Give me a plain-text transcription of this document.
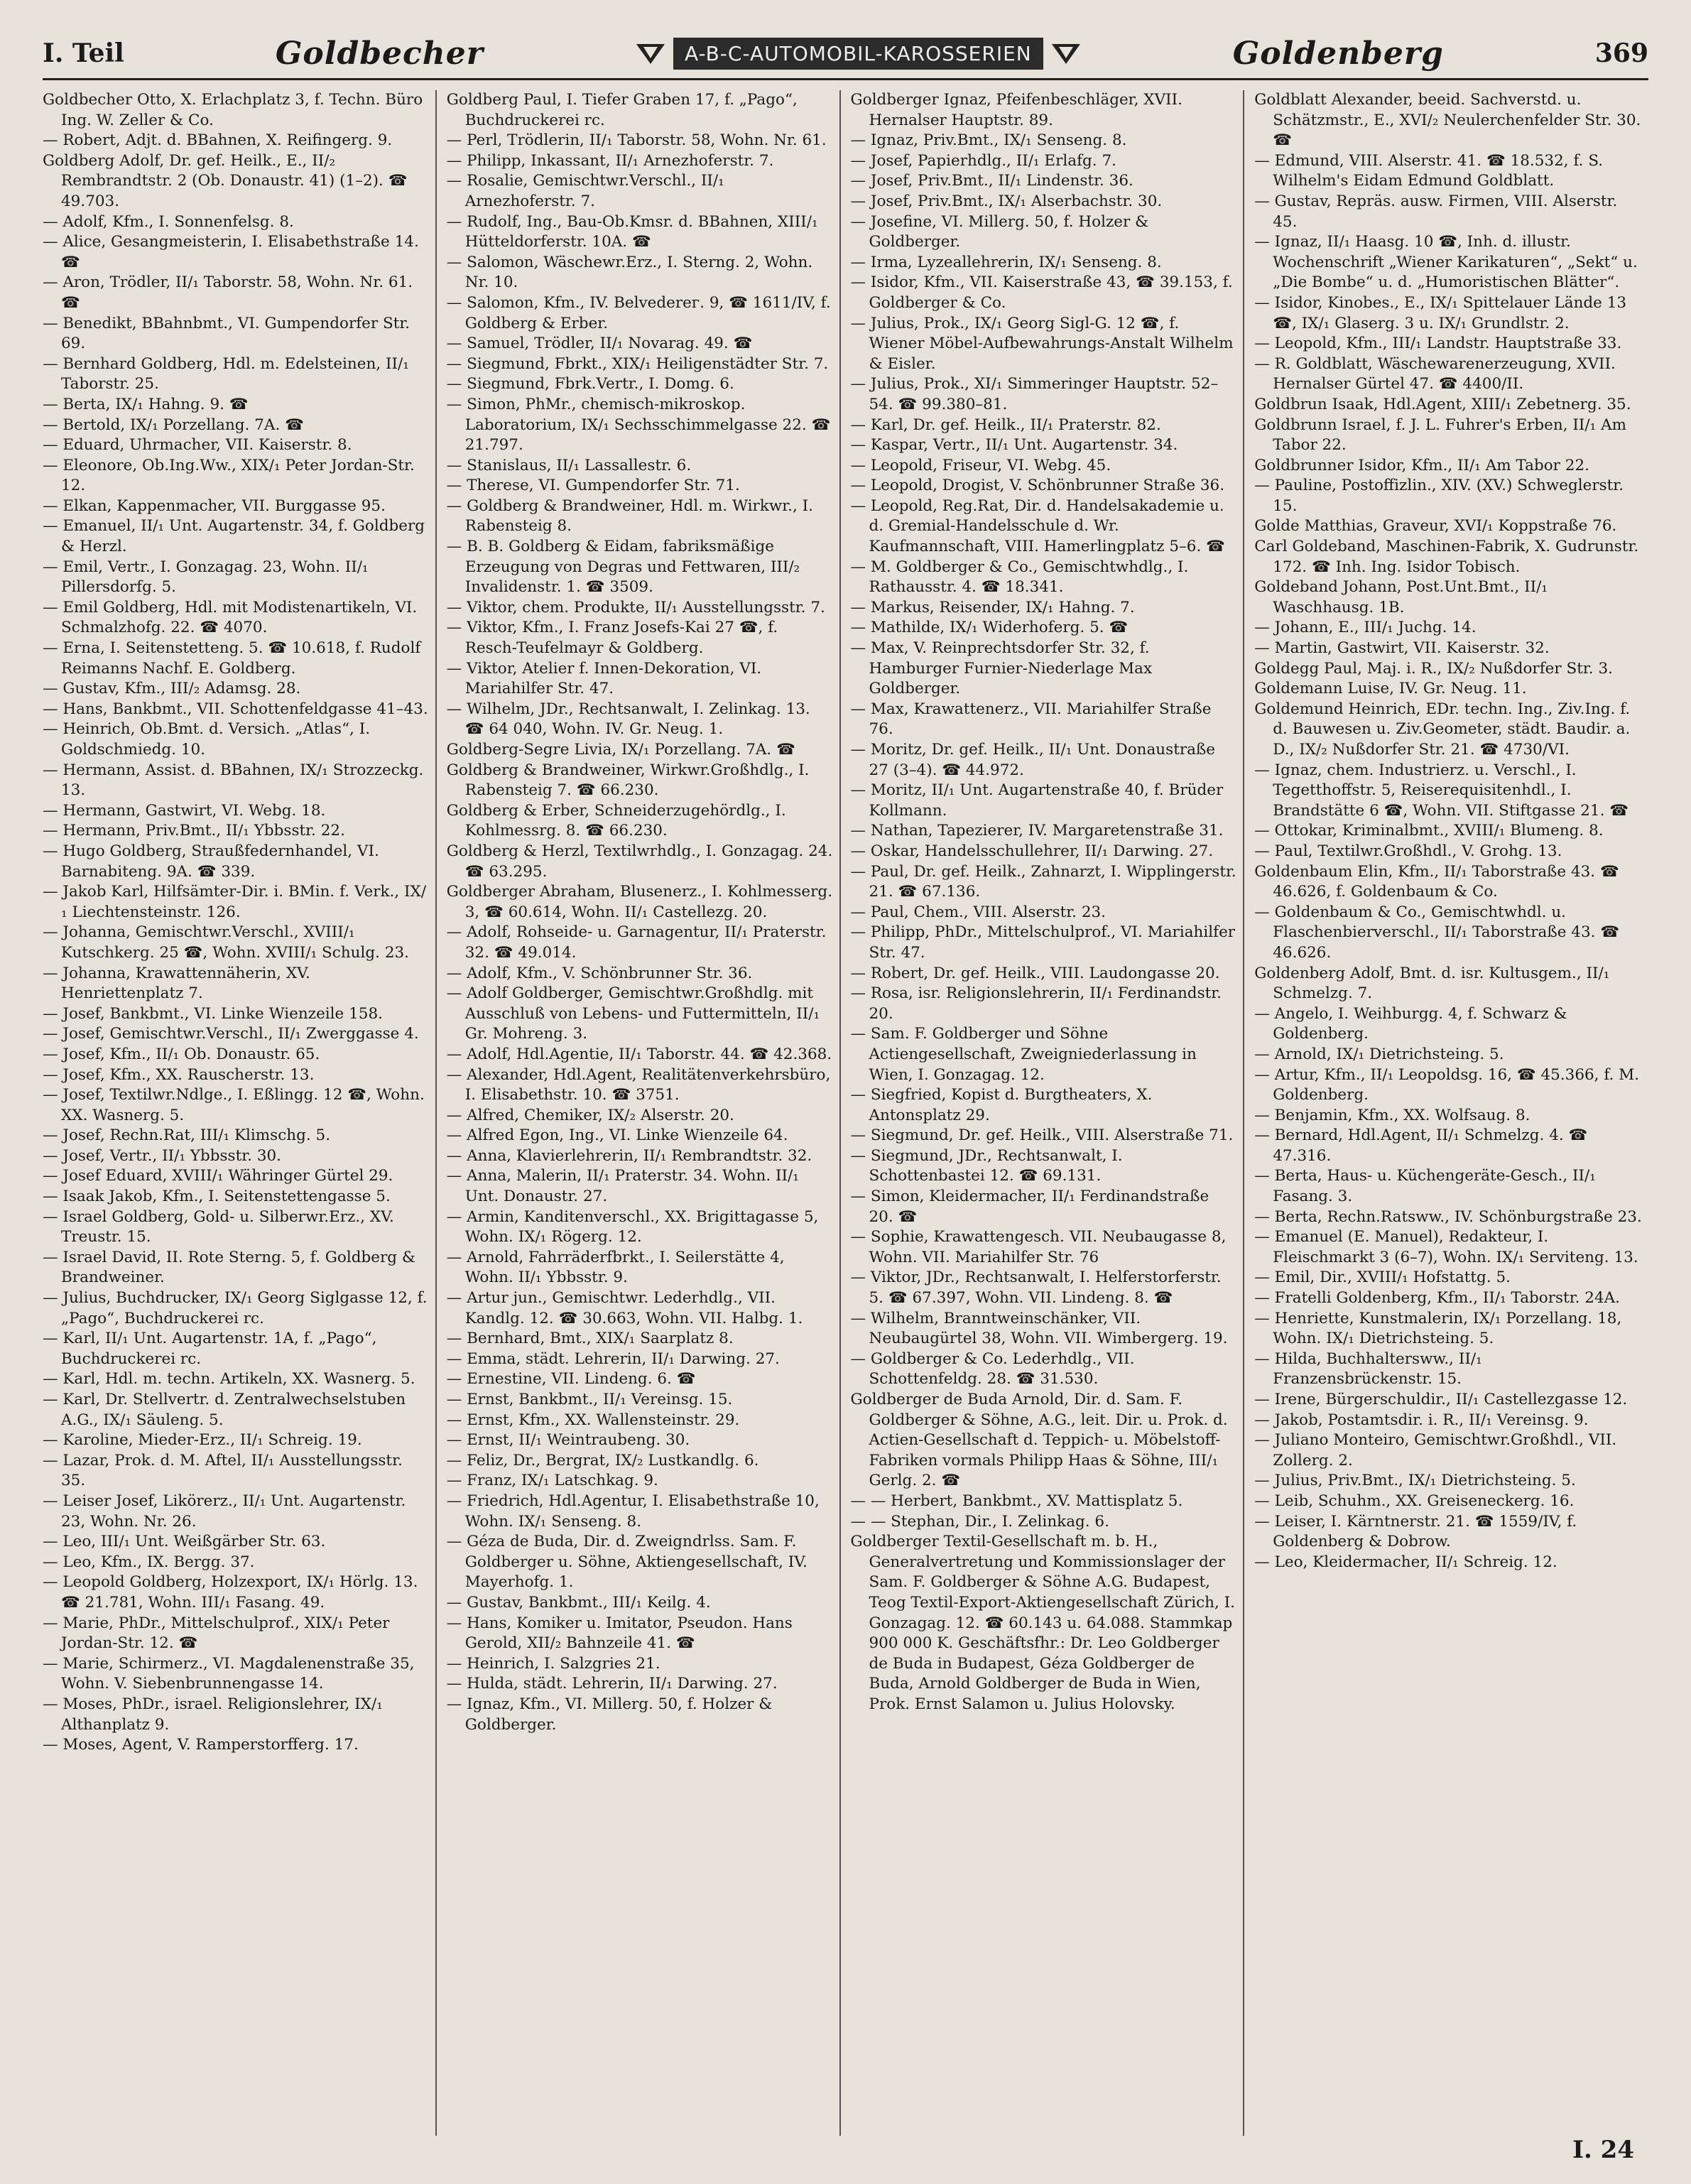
I. Teil	Goldbecher	A-B-C-AUTOMOBIL-KAROSSERIEN	Goldenberg	369

Goldbecher Otto, X. Erlachplatz 3, f. Techn. Büro Ing. W. Zeller & Co.

— Robert, Adjt. d. BBahnen, X. Reifingerg. 9.

Goldberg Adolf, Dr. gef. Heilk., E., II/₂ Rembrandtstr. 2 (Ob. Donaustr. 41) (1–2). ☎ 49.703.

— Adolf, Kfm., I. Sonnenfelsg. 8.

— Alice, Gesangmeisterin, I. Elisabethstraße 14. ☎

— Aron, Trödler, II/₁ Taborstr. 58, Wohn. Nr. 61. ☎

— Benedikt, BBahnbmt., VI. Gumpendorfer Str. 69.

— Bernhard Goldberg, Hdl. m. Edelsteinen, II/₁ Taborstr. 25.

— Berta, IX/₁ Hahng. 9. ☎

— Bertold, IX/₁ Porzellang. 7A. ☎

— Eduard, Uhrmacher, VII. Kaiserstr. 8.

— Eleonore, Ob.Ing.Ww., XIX/₁ Peter Jordan-Str. 12.

— Elkan, Kappenmacher, VII. Burggasse 95.

— Emanuel, II/₁ Unt. Augartenstr. 34, f. Goldberg & Herzl.

— Emil, Vertr., I. Gonzagag. 23, Wohn. II/₁ Pillersdorfg. 5.

— Emil Goldberg, Hdl. mit Modistenartikeln, VI. Schmalzhofg. 22. ☎ 4070.

— Erna, I. Seitenstetteng. 5. ☎ 10.618, f. Rudolf Reimanns Nachf. E. Goldberg.

— Gustav, Kfm., III/₂ Adamsg. 28.

— Hans, Bankbmt., VII. Schottenfeldgasse 41–43.

— Heinrich, Ob.Bmt. d. Versich. „Atlas“, I. Goldschmiedg. 10.

— Hermann, Assist. d. BBahnen, IX/₁ Strozzeckg. 13.

— Hermann, Gastwirt, VI. Webg. 18.

— Hermann, Priv.Bmt., II/₁ Ybbsstr. 22.

— Hugo Goldberg, Straußfedernhandel, VI. Barnabiteng. 9A. ☎ 339.

— Jakob Karl, Hilfsämter-Dir. i. BMin. f. Verk., IX/₁ Liechtensteinstr. 126.

— Johanna, Gemischtwr.Verschl., XVIII/₁ Kutschkerg. 25 ☎, Wohn. XVIII/₁ Schulg. 23.

— Johanna, Krawattennäherin, XV. Henriettenplatz 7.

— Josef, Bankbmt., VI. Linke Wienzeile 158.

— Josef, Gemischtwr.Verschl., II/₁ Zwerggasse 4.

— Josef, Kfm., II/₁ Ob. Donaustr. 65.

— Josef, Kfm., XX. Rauscherstr. 13.

— Josef, Textilwr.Ndlge., I. Eßlingg. 12 ☎, Wohn. XX. Wasnerg. 5.

— Josef, Rechn.Rat, III/₁ Klimschg. 5.

— Josef, Vertr., II/₁ Ybbsstr. 30.

— Josef Eduard, XVIII/₁ Währinger Gürtel 29.

— Isaak Jakob, Kfm., I. Seitenstettengasse 5.

— Israel Goldberg, Gold- u. Silberwr.Erz., XV. Treustr. 15.

— Israel David, II. Rote Sterng. 5, f. Goldberg & Brandweiner.

— Julius, Buchdrucker, IX/₁ Georg Siglgasse 12, f. „Pago“, Buchdruckerei rc.

— Karl, II/₁ Unt. Augartenstr. 1A, f. „Pago“, Buchdruckerei rc.

— Karl, Hdl. m. techn. Artikeln, XX. Wasnerg. 5.

— Karl, Dr. Stellvertr. d. Zentralwechselstuben A.G., IX/₁ Säuleng. 5.

— Karoline, Mieder-Erz., II/₁ Schreig. 19.

— Lazar, Prok. d. M. Aftel, II/₁ Ausstellungsstr. 35.

— Leiser Josef, Likörerz., II/₁ Unt. Augartenstr. 23, Wohn. Nr. 26.

— Leo, III/₁ Unt. Weißgärber Str. 63.

— Leo, Kfm., IX. Bergg. 37.

— Leopold Goldberg, Holzexport, IX/₁ Hörlg. 13. ☎ 21.781, Wohn. III/₁ Fasang. 49.

— Marie, PhDr., Mittelschulprof., XIX/₁ Peter Jordan-Str. 12. ☎

— Marie, Schirmerz., VI. Magdalenenstraße 35, Wohn. V. Siebenbrunnengasse 14.

— Moses, PhDr., israel. Religionslehrer, IX/₁ Althanplatz 9.

— Moses, Agent, V. Ramperstorfferg. 17.

Goldberg Paul, I. Tiefer Graben 17, f. „Pago“, Buchdruckerei rc.

— Perl, Trödlerin, II/₁ Taborstr. 58, Wohn. Nr. 61.

— Philipp, Inkassant, II/₁ Arnezhoferstr. 7.

— Rosalie, Gemischtwr.Verschl., II/₁ Arnezhoferstr. 7.

— Rudolf, Ing., Bau-Ob.Kmsr. d. BBahnen, XIII/₁ Hütteldorferstr. 10A. ☎

— Salomon, Wäschewr.Erz., I. Sterng. 2, Wohn. Nr. 10.

— Salomon, Kfm., IV. Belvederег. 9, ☎ 1611/IV, f. Goldberg & Erber.

— Samuel, Trödler, II/₁ Novarag. 49. ☎

— Siegmund, Fbrkt., XIX/₁ Heiligenstädter Str. 7.

— Siegmund, Fbrk.Vertr., I. Domg. 6.

— Simon, PhMr., chemisch-mikroskop. Laboratorium, IX/₁ Sechsschimmelgasse 22. ☎ 21.797.

— Stanislaus, II/₁ Lassallestr. 6.

— Therese, VI. Gumpendorfer Str. 71.

— Goldberg & Brandweiner, Hdl. m. Wirkwr., I. Rabensteig 8.

— B. B. Goldberg & Eidam, fabriksmäßige Erzeugung von Degras und Fettwaren, III/₂ Invalidenstr. 1. ☎ 3509.

— Viktor, chem. Produkte, II/₁ Ausstellungsstr. 7.

— Viktor, Kfm., I. Franz Josefs-Kai 27 ☎, f. Resch-Teufelmayr & Goldberg.

— Viktor, Atelier f. Innen-Dekoration, VI. Mariahilfer Str. 47.

— Wilhelm, JDr., Rechtsanwalt, I. Zelinkag. 13. ☎ 64 040, Wohn. IV. Gr. Neug. 1.

Goldberg-Segre Livia, IX/₁ Porzellang. 7A. ☎

Goldberg & Brandweiner, Wirkwr.Großhdlg., I. Rabensteig 7. ☎ 66.230.

Goldberg & Erber, Schneiderzugehördlg., I. Kohlmessrg. 8. ☎ 66.230.

Goldberg & Herzl, Textilwrhdlg., I. Gonzagag. 24. ☎ 63.295.

Goldberger Abraham, Blusenerz., I. Kohlmesserg. 3, ☎ 60.614, Wohn. II/₁ Castellezg. 20.

— Adolf, Rohseide- u. Garnagentur, II/₁ Praterstr. 32. ☎ 49.014.

— Adolf, Kfm., V. Schönbrunner Str. 36.

— Adolf Goldberger, Gemischtwr.Großhdlg. mit Ausschluß von Lebens- und Futtermitteln, II/₁ Gr. Mohreng. 3.

— Adolf, Hdl.Agentie, II/₁ Taborstr. 44. ☎ 42.368.

— Alexander, Hdl.Agent, Realitätenverkehrsbüro, I. Elisabethstr. 10. ☎ 3751.

— Alfred, Chemiker, IX/₂ Alserstr. 20.

— Alfred Egon, Ing., VI. Linke Wienzeile 64.

— Anna, Klavierlehrerin, II/₁ Rembrandtstr. 32.

— Anna, Malerin, II/₁ Praterstr. 34. Wohn. II/₁ Unt. Donaustr. 27.

— Armin, Kanditenverschl., XX. Brigittagasse 5, Wohn. IX/₁ Rögerg. 12.

— Arnold, Fahrräderfbrkt., I. Seilerstätte 4, Wohn. II/₁ Ybbsstr. 9.

— Artur jun., Gemischtwr. Lederhdlg., VII. Kandlg. 12. ☎ 30.663, Wohn. VII. Halbg. 1.

— Bernhard, Bmt., XIX/₁ Saarplatz 8.

— Emma, städt. Lehrerin, II/₁ Darwing. 27.

— Ernestine, VII. Lindeng. 6. ☎

— Ernst, Bankbmt., II/₁ Vereinsg. 15.

— Ernst, Kfm., XX. Wallensteinstr. 29.

— Ernst, II/₁ Weintraubeng. 30.

— Feliz, Dr., Bergrat, IX/₂ Lustkandlg. 6.

— Franz, IX/₁ Latschkag. 9.

— Friedrich, Hdl.Agentur, I. Elisabethstraße 10, Wohn. IX/₁ Senseng. 8.

— Géza de Buda, Dir. d. Zweigndrlss. Sam. F. Goldberger u. Söhne, Aktiengesellschaft, IV. Mayerhofg. 1.

— Gustav, Bankbmt., III/₁ Keilg. 4.

— Hans, Komiker u. Imitator, Pseudon. Hans Gerold, XII/₂ Bahnzeile 41. ☎

— Heinrich, I. Salzgries 21.

— Hulda, städt. Lehrerin, II/₁ Darwing. 27.

— Ignaz, Kfm., VI. Millerg. 50, f. Holzer & Goldberger.

Goldberger Ignaz, Pfeifenbeschläger, XVII. Hernalser Hauptstr. 89.

— Ignaz, Priv.Bmt., IX/₁ Senseng. 8.

— Josef, Papierhdlg., II/₁ Erlafg. 7.

— Josef, Priv.Bmt., II/₁ Lindenstr. 36.

— Josef, Priv.Bmt., IX/₁ Alserbachstr. 30.

— Josefine, VI. Millerg. 50, f. Holzer & Goldberger.

— Irma, Lyzeallehrerin, IX/₁ Senseng. 8.

— Isidor, Kfm., VII. Kaiserstraße 43, ☎ 39.153, f. Goldberger & Co.

— Julius, Prok., IX/₁ Georg Sigl-G. 12 ☎, f. Wiener Möbel-Aufbewahrungs-Anstalt Wilhelm & Eisler.

— Julius, Prok., XI/₁ Simmeringer Hauptstr. 52–54. ☎ 99.380–81.

— Karl, Dr. gef. Heilk., II/₁ Praterstr. 82.

— Kaspar, Vertr., II/₁ Unt. Augartenstr. 34.

— Leopold, Friseur, VI. Webg. 45.

— Leopold, Drogist, V. Schönbrunner Straße 36.

— Leopold, Reg.Rat, Dir. d. Handelsakademie u. d. Gremial-Handelsschule d. Wr. Kaufmannschaft, VIII. Hamerlingplatz 5–6. ☎

— M. Goldberger & Co., Gemischtwhdlg., I. Rathausstr. 4. ☎ 18.341.

— Markus, Reisender, IX/₁ Hahng. 7.

— Mathilde, IX/₁ Widerhoferg. 5. ☎

— Max, V. Reinprechtsdorfer Str. 32, f. Hamburger Furnier-Niederlage Max Goldberger.

— Max, Krawattenerz., VII. Mariahilfer Straße 76.

— Moritz, Dr. gef. Heilk., II/₁ Unt. Donaustraße 27 (3–4). ☎ 44.972.

— Moritz, II/₁ Unt. Augartenstraße 40, f. Brüder Kollmann.

— Nathan, Tapezierer, IV. Margaretenstraße 31.

— Oskar, Handelsschullehrer, II/₁ Darwing. 27.

— Paul, Dr. gef. Heilk., Zahnarzt, I. Wipplingerstr. 21. ☎ 67.136.

— Paul, Chem., VIII. Alserstr. 23.

— Philipp, PhDr., Mittelschulprof., VI. Mariahilfer Str. 47.

— Robert, Dr. gef. Heilk., VIII. Laudongasse 20.

— Rosa, isr. Religionslehrerin, II/₁ Ferdinandstr. 20.

— Sam. F. Goldberger und Söhne Actiengesellschaft, Zweigniederlassung in Wien, I. Gonzagag. 12.

— Siegfried, Kopist d. Burgtheaters, X. Antonsplatz 29.

— Siegmund, Dr. gef. Heilk., VIII. Alserstraße 71.

— Siegmund, JDr., Rechtsanwalt, I. Schottenbastei 12. ☎ 69.131.

— Simon, Kleidermacher, II/₁ Ferdinandstraße 20. ☎

— Sophie, Krawattengesch. VII. Neubaugasse 8, Wohn. VII. Mariahilfer Str. 76

— Viktor, JDr., Rechtsanwalt, I. Helferstorferstr. 5. ☎ 67.397, Wohn. VII. Lindeng. 8. ☎

— Wilhelm, Branntweinschänker, VII. Neubaugürtel 38, Wohn. VII. Wimbergerg. 19.

— Goldberger & Co. Lederhdlg., VII. Schottenfeldg. 28. ☎ 31.530.

Goldberger de Buda Arnold, Dir. d. Sam. F. Goldberger & Söhne, A.G., leit. Dir. u. Prok. d. Actien-Gesellschaft d. Teppich- u. Möbelstoff-Fabriken vormals Philipp Haas & Söhne, III/₁ Gerlg. 2. ☎

— — Herbert, Bankbmt., XV. Mattisplatz 5.

— — Stephan, Dir., I. Zelinkag. 6.

Goldberger Textil-Gesellschaft m. b. H., Generalvertretung und Kommissionslager der Sam. F. Goldberger & Söhne A.G. Budapest, Teog Textil-Export-Aktiengesellschaft Zürich, I. Gonzagag. 12. ☎ 60.143 u. 64.088. Stammkap 900 000 K. Geschäftsfhr.: Dr. Leo Goldberger de Buda in Budapest, Géza Goldberger de Buda, Arnold Goldberger de Buda in Wien, Prok. Ernst Salamon u. Julius Holovsky.

Goldblatt Alexander, beeid. Sachverstd. u. Schätzmstr., E., XVI/₂ Neulerchenfelder Str. 30. ☎

— Edmund, VIII. Alserstr. 41. ☎ 18.532, f. S. Wilhelm's Eidam Edmund Goldblatt.

— Gustav, Repräs. ausw. Firmen, VIII. Alserstr. 45.

— Ignaz, II/₁ Haasg. 10 ☎, Inh. d. illustr. Wochenschrift „Wiener Karikaturen“, „Sekt“ u. „Die Bombe“ u. d. „Humoristischen Blätter“.

— Isidor, Kinobes., E., IX/₁ Spittelauer Lände 13 ☎, IX/₁ Glaserg. 3 u. IX/₁ Grundlstr. 2.

— Leopold, Kfm., III/₁ Landstr. Hauptstraße 33.

— R. Goldblatt, Wäschewarenerzeugung, XVII. Hernalser Gürtel 47. ☎ 4400/II.

Goldbrun Isaak, Hdl.Agent, XIII/₁ Zebetnerg. 35.

Goldbrunn Israel, f. J. L. Fuhrer's Erben, II/₁ Am Tabor 22.

Goldbrunner Isidor, Kfm., II/₁ Am Tabor 22.

— Pauline, Postoffizlin., XIV. (XV.) Schweglerstr. 15.

Golde Matthias, Graveur, XVI/₁ Koppstraße 76.

Carl Goldeband, Maschinen-Fabrik, X. Gudrunstr. 172. ☎ Inh. Ing. Isidor Tobisch.

Goldeband Johann, Post.Unt.Bmt., II/₁ Waschhausg. 1B.

— Johann, E., III/₁ Juchg. 14.

— Martin, Gastwirt, VII. Kaiserstr. 32.

Goldegg Paul, Maj. i. R., IX/₂ Nußdorfer Str. 3.

Goldemann Luise, IV. Gr. Neug. 11.

Goldemund Heinrich, EDr. techn. Ing., Ziv.Ing. f. d. Bauwesen u. Ziv.Geometer, städt. Baudir. a. D., IX/₂ Nußdorfer Str. 21. ☎ 4730/VI.

— Ignaz, chem. Industrierz. u. Verschl., I. Tegetthoffstr. 5, Reiserequisitenhdl., I. Brandstätte 6 ☎, Wohn. VII. Stiftgasse 21. ☎

— Ottokar, Kriminalbmt., XVIII/₁ Blumeng. 8.

— Paul, Textilwr.Großhdl., V. Grohg. 13.

Goldenbaum Elin, Kfm., II/₁ Taborstraße 43. ☎ 46.626, f. Goldenbaum & Co.

— Goldenbaum & Co., Gemischtwhdl. u. Flaschenbierverschl., II/₁ Taborstraße 43. ☎ 46.626.

Goldenberg Adolf, Bmt. d. isr. Kultusgem., II/₁ Schmelzg. 7.

— Angelo, I. Weihburgg. 4, f. Schwarz & Goldenberg.

— Arnold, IX/₁ Dietrichsteing. 5.

— Artur, Kfm., II/₁ Leopoldsg. 16, ☎ 45.366, f. M. Goldenberg.

— Benjamin, Kfm., XX. Wolfsaug. 8.

— Bernard, Hdl.Agent, II/₁ Schmelzg. 4. ☎ 47.316.

— Berta, Haus- u. Küchengeräte-Gesch., II/₁ Fasang. 3.

— Berta, Rechn.Ratsww., IV. Schönburgstraße 23.

— Emanuel (E. Manuel), Redakteur, I. Fleischmarkt 3 (6–7), Wohn. IX/₁ Serviteng. 13.

— Emil, Dir., XVIII/₁ Hofstattg. 5.

— Fratelli Goldenberg, Kfm., II/₁ Taborstr. 24A.

— Henriette, Kunstmalerin, IX/₁ Porzellang. 18, Wohn. IX/₁ Dietrichsteing. 5.

— Hilda, Buchhaltersww., II/₁ Franzensbrückenstr. 15.

— Irene, Bürgerschuldir., II/₁ Castellezgasse 12.

— Jakob, Postamtsdir. i. R., II/₁ Vereinsg. 9.

— Juliano Monteiro, Gemischtwr.Großhdl., VII. Zollerg. 2.

— Julius, Priv.Bmt., IX/₁ Dietrichsteing. 5.

— Leib, Schuhm., XX. Greiseneckerg. 16.

— Leiser, I. Kärntnerstr. 21. ☎ 1559/IV, f. Goldenberg & Dobrow.

— Leo, Kleidermacher, II/₁ Schreig. 12.

I. 24
